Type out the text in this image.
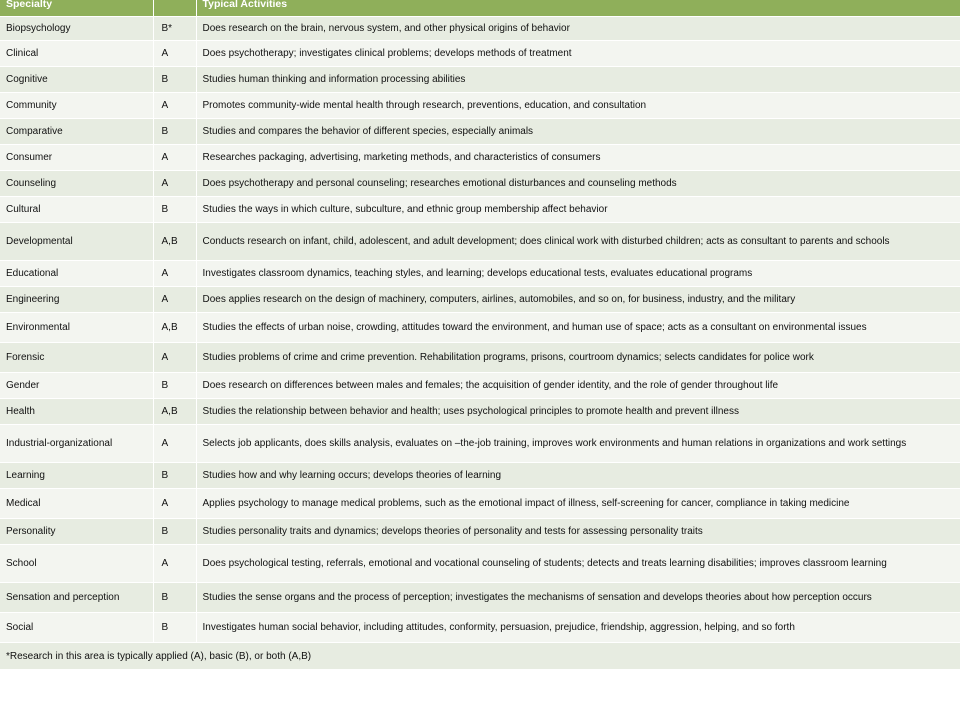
Specialty		Typical Activities
Biopsychology	B*	Does research on the brain, nervous system, and other physical origins of behavior
Clinical	A	Does psychotherapy; investigates clinical problems; develops methods of treatment
Cognitive	B	Studies human thinking and information processing abilities
Community	A	Promotes community-wide mental health through research, preventions, education, and consultation
Comparative	B	Studies and compares the behavior of different species, especially animals
Consumer	A	Researches packaging, advertising, marketing methods, and characteristics of consumers
Counseling	A	Does psychotherapy and personal counseling; researches emotional disturbances and counseling methods
Cultural	B	Studies the ways in which culture, subculture, and ethnic group membership affect behavior
Developmental	A,B	Conducts research on infant, child, adolescent, and adult development; does clinical work with disturbed children; acts as consultant to parents and schools
Educational	A	Investigates classroom dynamics, teaching styles, and learning; develops educational tests, evaluates educational programs
Engineering	A	Does applies research on the design of machinery, computers, airlines, automobiles, and so on, for business, industry, and the military
Environmental	A,B	Studies the effects of urban noise, crowding, attitudes toward the environment, and human use of space; acts as a consultant on environmental issues
Forensic	A	Studies problems of crime and crime prevention. Rehabilitation programs, prisons, courtroom dynamics; selects candidates for police work
Gender	B	Does research on differences between males and females; the acquisition of gender identity, and the role of gender throughout life
Health	A,B	Studies the relationship between behavior and health; uses psychological principles to promote health and prevent illness
Industrial-organizational	A	Selects job applicants, does skills analysis, evaluates on –the-job training, improves work environments and human relations in organizations and work settings
Learning	B	Studies how and why learning occurs; develops theories of learning
Medical	A	Applies psychology to manage medical problems, such as the emotional impact of illness, self-screening for cancer, compliance in taking medicine
Personality	B	Studies personality traits and dynamics; develops theories of personality and tests for assessing personality traits
School	A	Does psychological testing, referrals, emotional and vocational counseling of students; detects and treats learning disabilities; improves classroom learning
Sensation and perception	B	Studies the sense organs and the process of perception; investigates the mechanisms of sensation and develops theories about how perception occurs
Social	B	Investigates human social behavior, including attitudes, conformity, persuasion, prejudice, friendship, aggression, helping, and so forth
*Research in this area is typically applied (A), basic (B), or both (A,B)		
